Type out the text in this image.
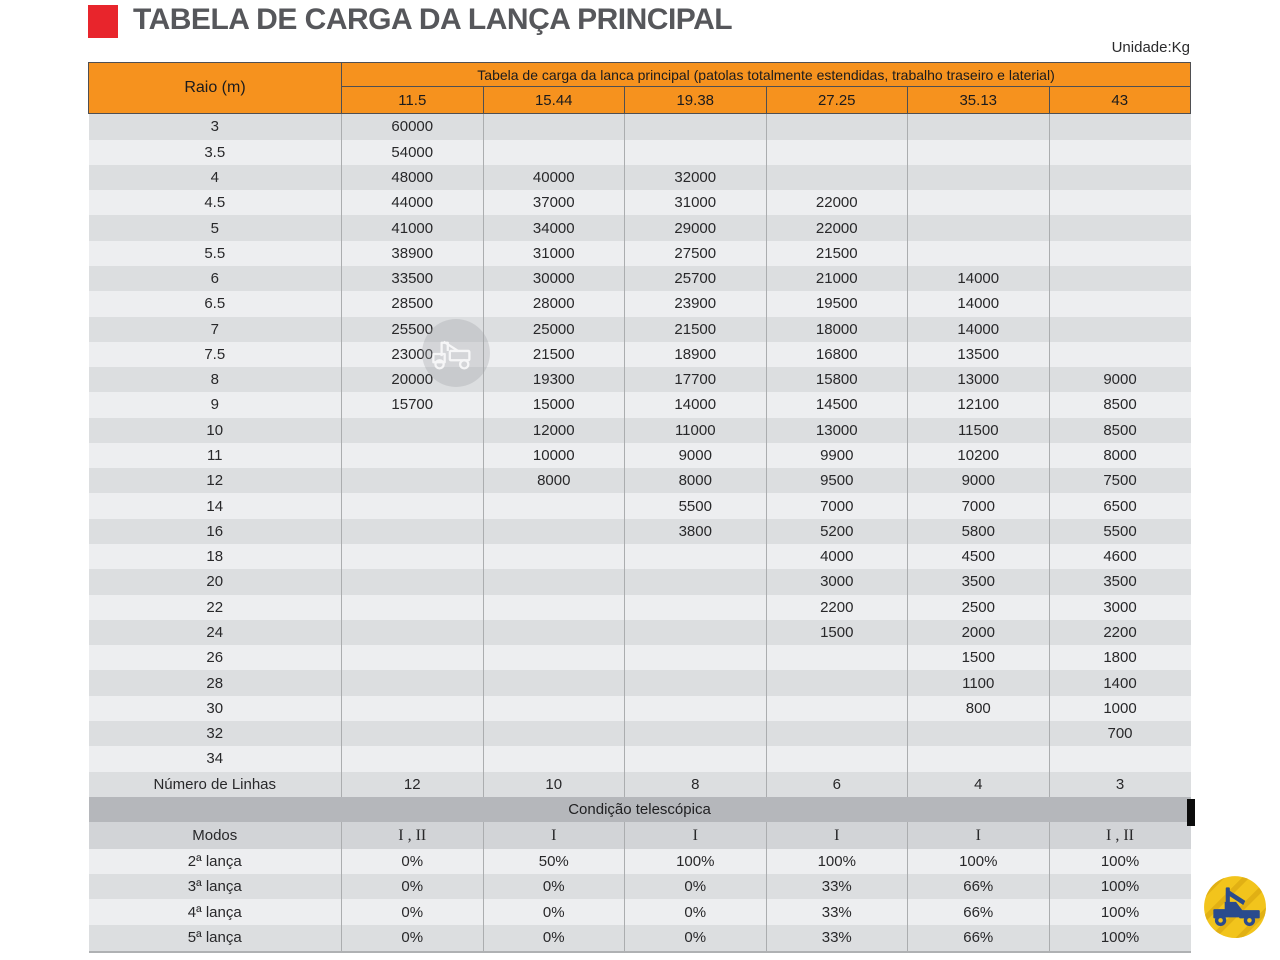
TABELA DE CARGA DA LANÇA PRINCIPAL
Unidade:Kg
Raio (m)	Tabela de carga da lanca principal (patolas totalmente estendidas, trabalho traseiro e laterial)					
	11.5	15.44	19.38	27.25	35.13	43
3	60000					
3.5	54000					
4	48000	40000	32000			
4.5	44000	37000	31000	22000		
5	41000	34000	29000	22000		
5.5	38900	31000	27500	21500		
6	33500	30000	25700	21000	14000	
6.5	28500	28000	23900	19500	14000	
7	25500	25000	21500	18000	14000	
7.5	23000	21500	18900	16800	13500	
8	20000	19300	17700	15800	13000	9000
9	15700	15000	14000	14500	12100	8500
10		12000	11000	13000	11500	8500
11		10000	9000	9900	10200	8000
12		8000	8000	9500	9000	7500
14			5500	7000	7000	6500
16			3800	5200	5800	5500
18				4000	4500	4600
20				3000	3500	3500
22				2200	2500	3000
24				1500	2000	2200
26					1500	1800
28					1100	1400
30					800	1000
32						700
34						
Número de Linhas	12	10	8	6	4	3
Condição telescópica						
Modos	I , II	I	I	I	I	I , II
2ª lança	0%	50%	100%	100%	100%	100%
3ª lança	0%	0%	0%	33%	66%	100%
4ª lança	0%	0%	0%	33%	66%	100%
5ª lança	0%	0%	0%	33%	66%	100%
